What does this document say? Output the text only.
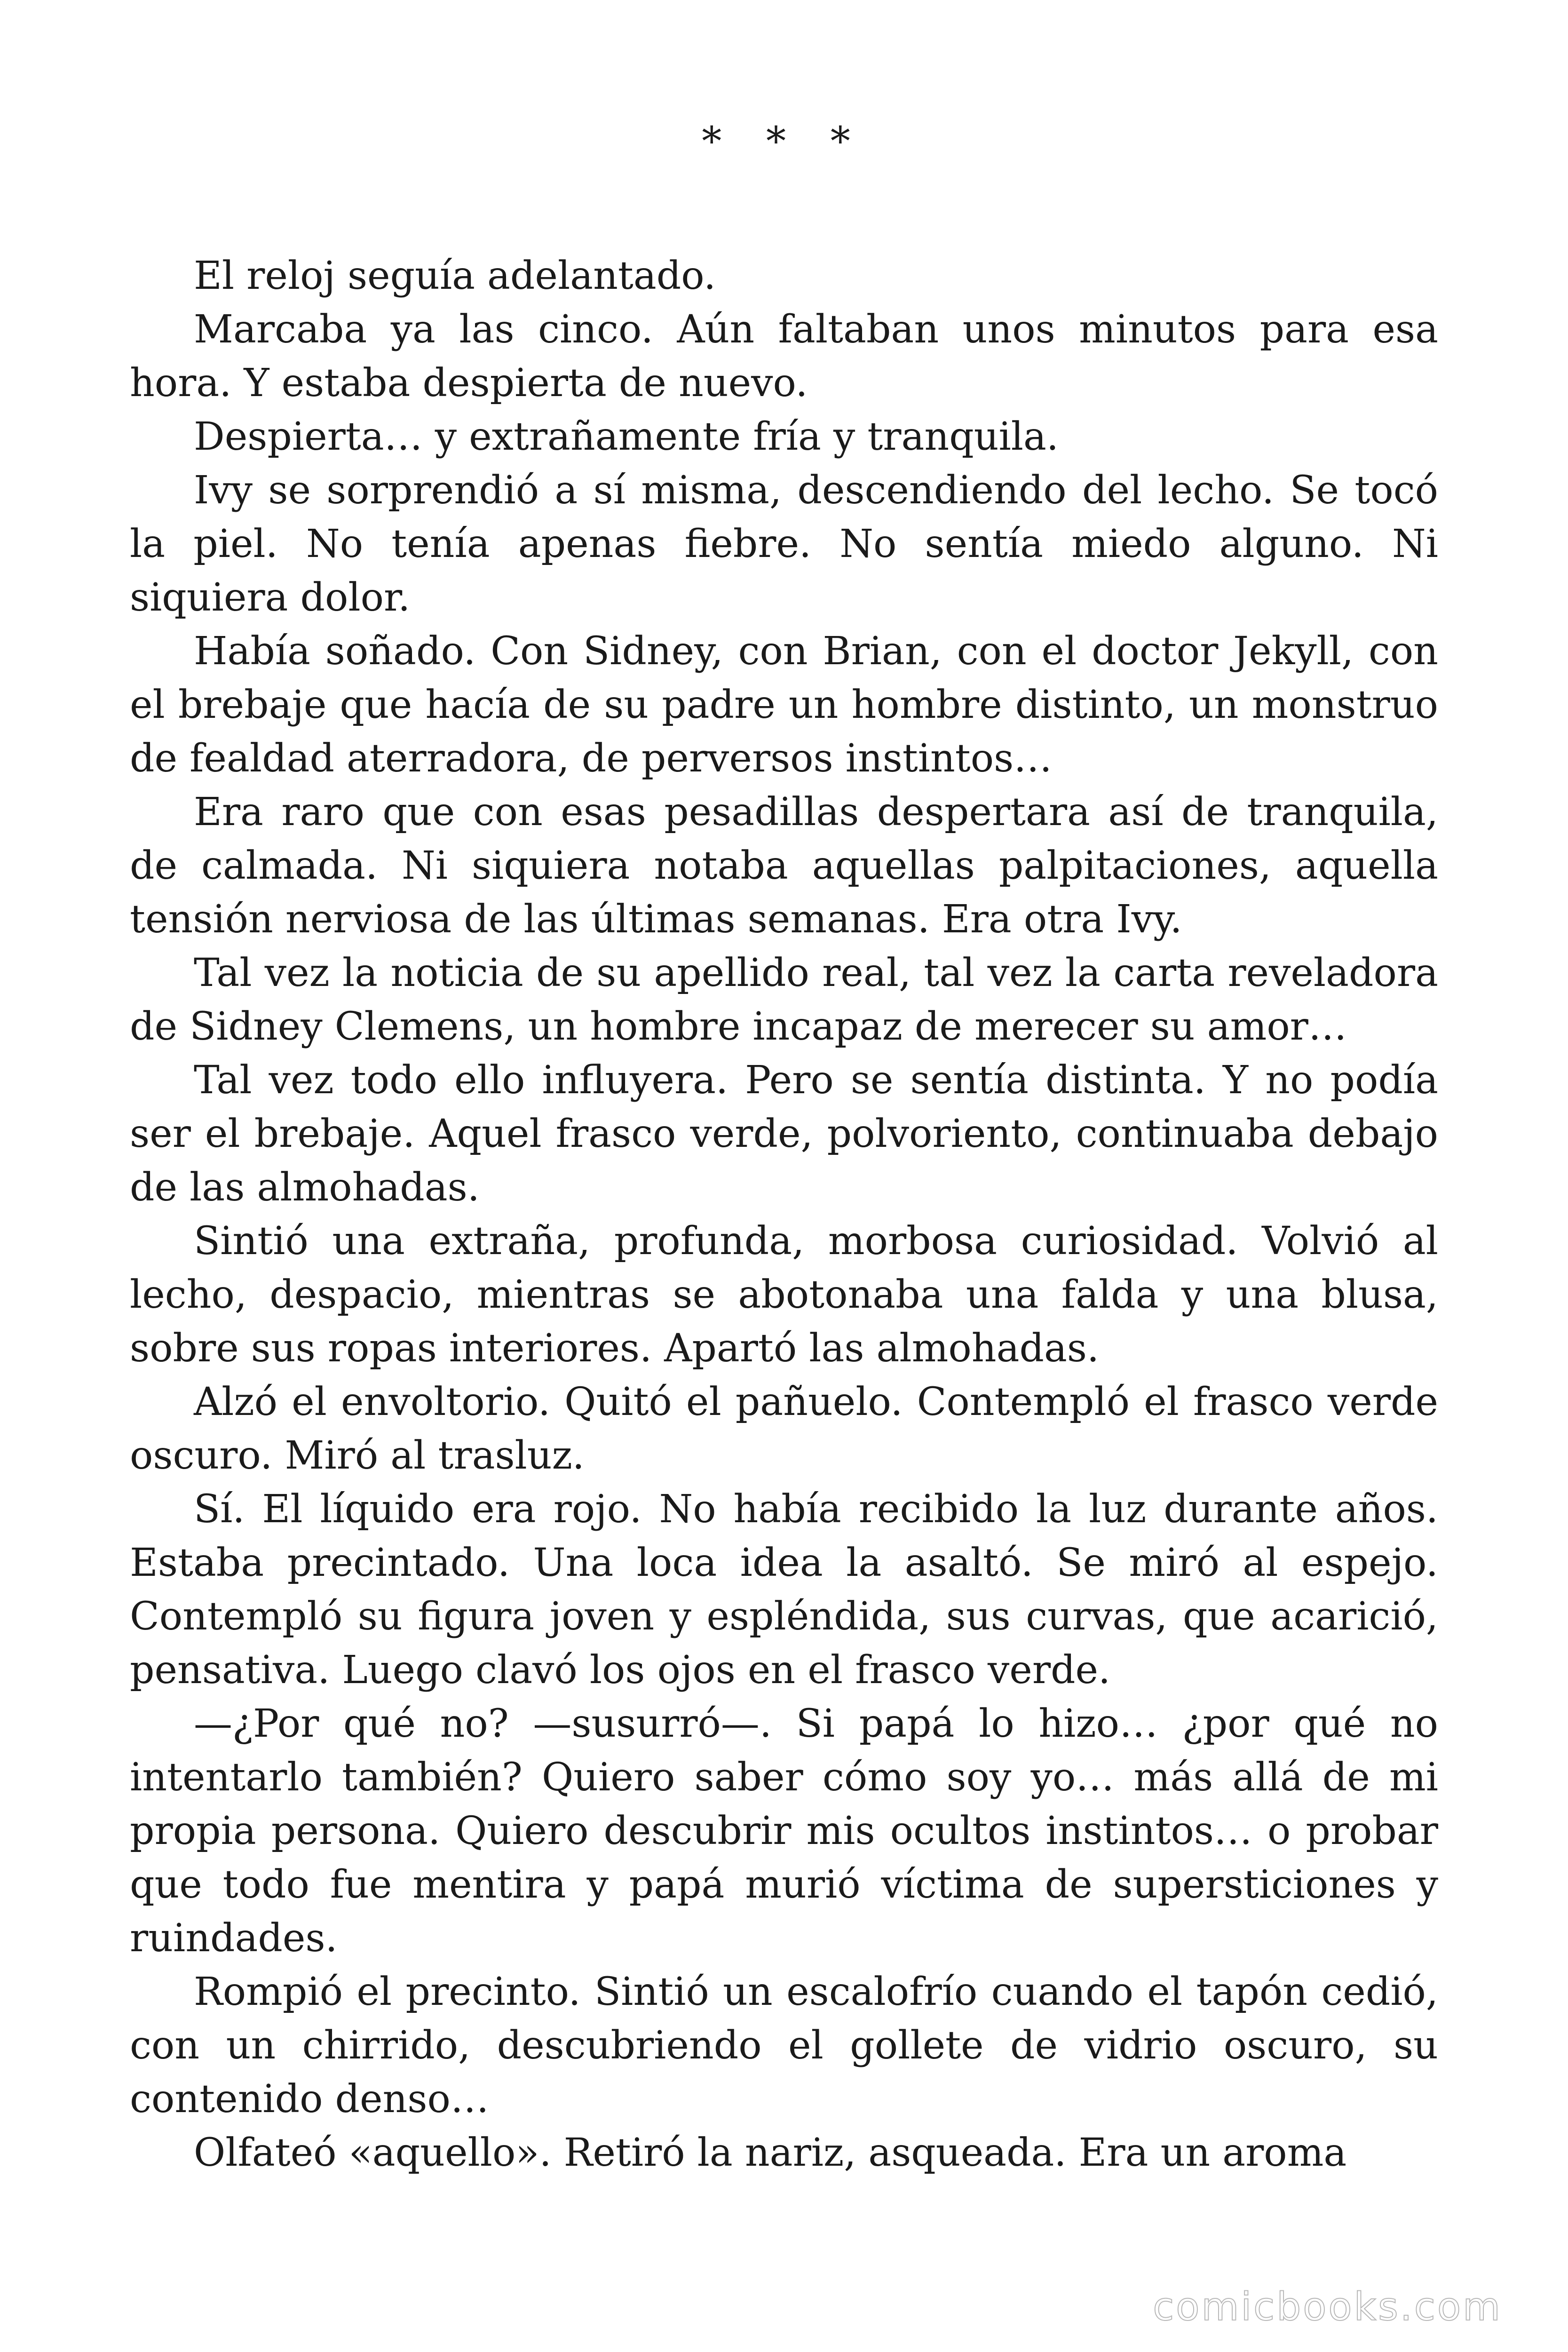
* * *

El reloj seguía adelantado.

Marcaba ya las cinco. Aún faltaban unos minutos para esa hora. Y estaba despierta de nuevo.

Despierta… y extrañamente fría y tranquila.

Ivy se sorprendió a sí misma, descendiendo del lecho. Se tocó la piel. No tenía apenas fiebre. No sentía miedo alguno. Ni siquiera dolor.

Había soñado. Con Sidney, con Brian, con el doctor Jekyll, con el brebaje que hacía de su padre un hombre distinto, un monstruo de fealdad aterradora, de perversos instintos…

Era raro que con esas pesadillas despertara así de tranquila, de calmada. Ni siquiera notaba aquellas palpitaciones, aquella tensión nerviosa de las últimas semanas. Era otra Ivy.

Tal vez la noticia de su apellido real, tal vez la carta reveladora de Sidney Clemens, un hombre incapaz de merecer su amor…

Tal vez todo ello influyera. Pero se sentía distinta. Y no podía ser el brebaje. Aquel frasco verde, polvoriento, continuaba debajo de las almohadas.

Sintió una extraña, profunda, morbosa curiosidad. Volvió al lecho, despacio, mientras se abotonaba una falda y una blusa, sobre sus ropas interiores. Apartó las almohadas.

Alzó el envoltorio. Quitó el pañuelo. Contempló el frasco verde oscuro. Miró al trasluz.

Sí. El líquido era rojo. No había recibido la luz durante años. Estaba precintado. Una loca idea la asaltó. Se miró al espejo. Contempló su figura joven y espléndida, sus curvas, que acarició, pensativa. Luego clavó los ojos en el frasco verde.

—¿Por qué no? —susurró—. Si papá lo hizo… ¿por qué no intentarlo también? Quiero saber cómo soy yo… más allá de mi propia persona. Quiero descubrir mis ocultos instintos… o probar que todo fue mentira y papá murió víctima de supersticiones y ruindades.

Rompió el precinto. Sintió un escalofrío cuando el tapón cedió, con un chirrido, descubriendo el gollete de vidrio oscuro, su contenido denso…

Olfateó «aquello». Retiró la nariz, asqueada. Era un aroma

comicbooks.com
